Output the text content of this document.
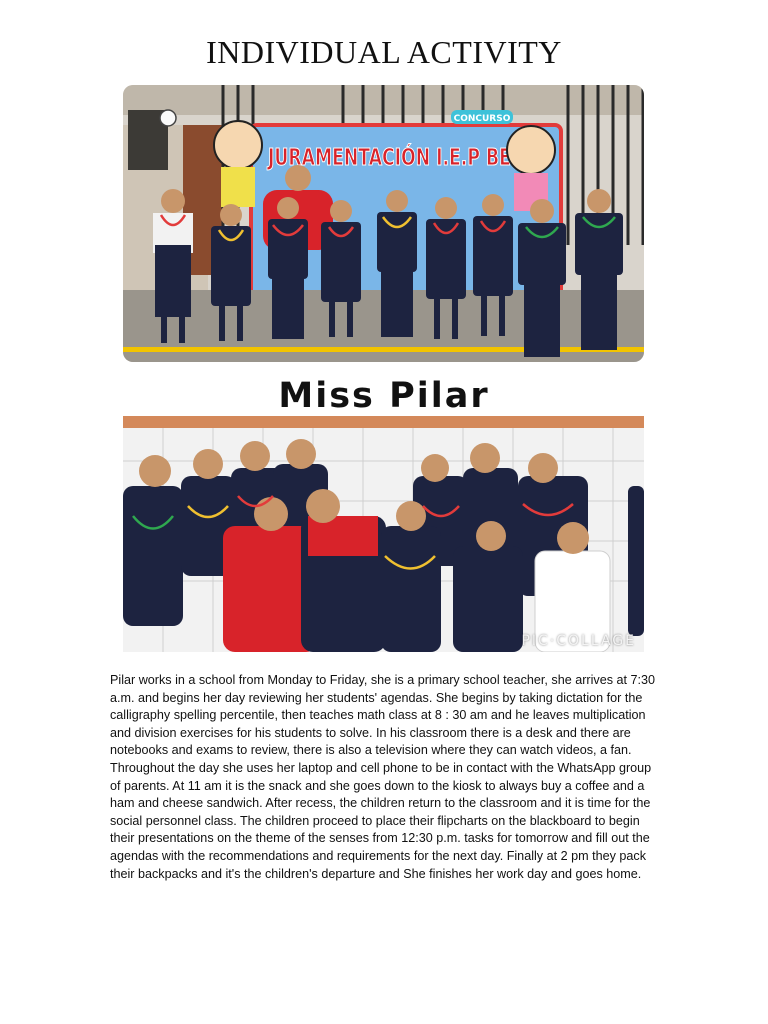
INDIVIDUAL ACTIVITY
CONCURSO
JURAMENTACIÓN I.E.P BELÉN
Miss Pilar
PIC·COLLAGE

Pilar works in a school from Monday to Friday, she is a primary school teacher, she arrives at 7:30 a.m. and begins her day reviewing her students' agendas. She begins by taking dictation for the calligraphy spelling percentile, then teaches math class at 8 : 30 am and he leaves multiplication and division exercises for his students to solve. In his classroom there is a desk and there are notebooks and exams to review, there is also a television where they can watch videos, a fan. Throughout the day she uses her laptop and cell phone to be in contact with the WhatsApp group of parents. At 11 am it is the snack and she goes down to the kiosk to always buy a coffee and a ham and cheese sandwich. After recess, the children return to the classroom and it is time for the social personnel class. The children proceed to place their flipcharts on the blackboard to begin their presentations on the theme of the senses from 12:30 p.m. tasks for tomorrow and fill out the agendas with the recommendations and requirements for the next day. Finally at 2 pm they pack their backpacks and it's the children's departure and She finishes her work day and goes home.
